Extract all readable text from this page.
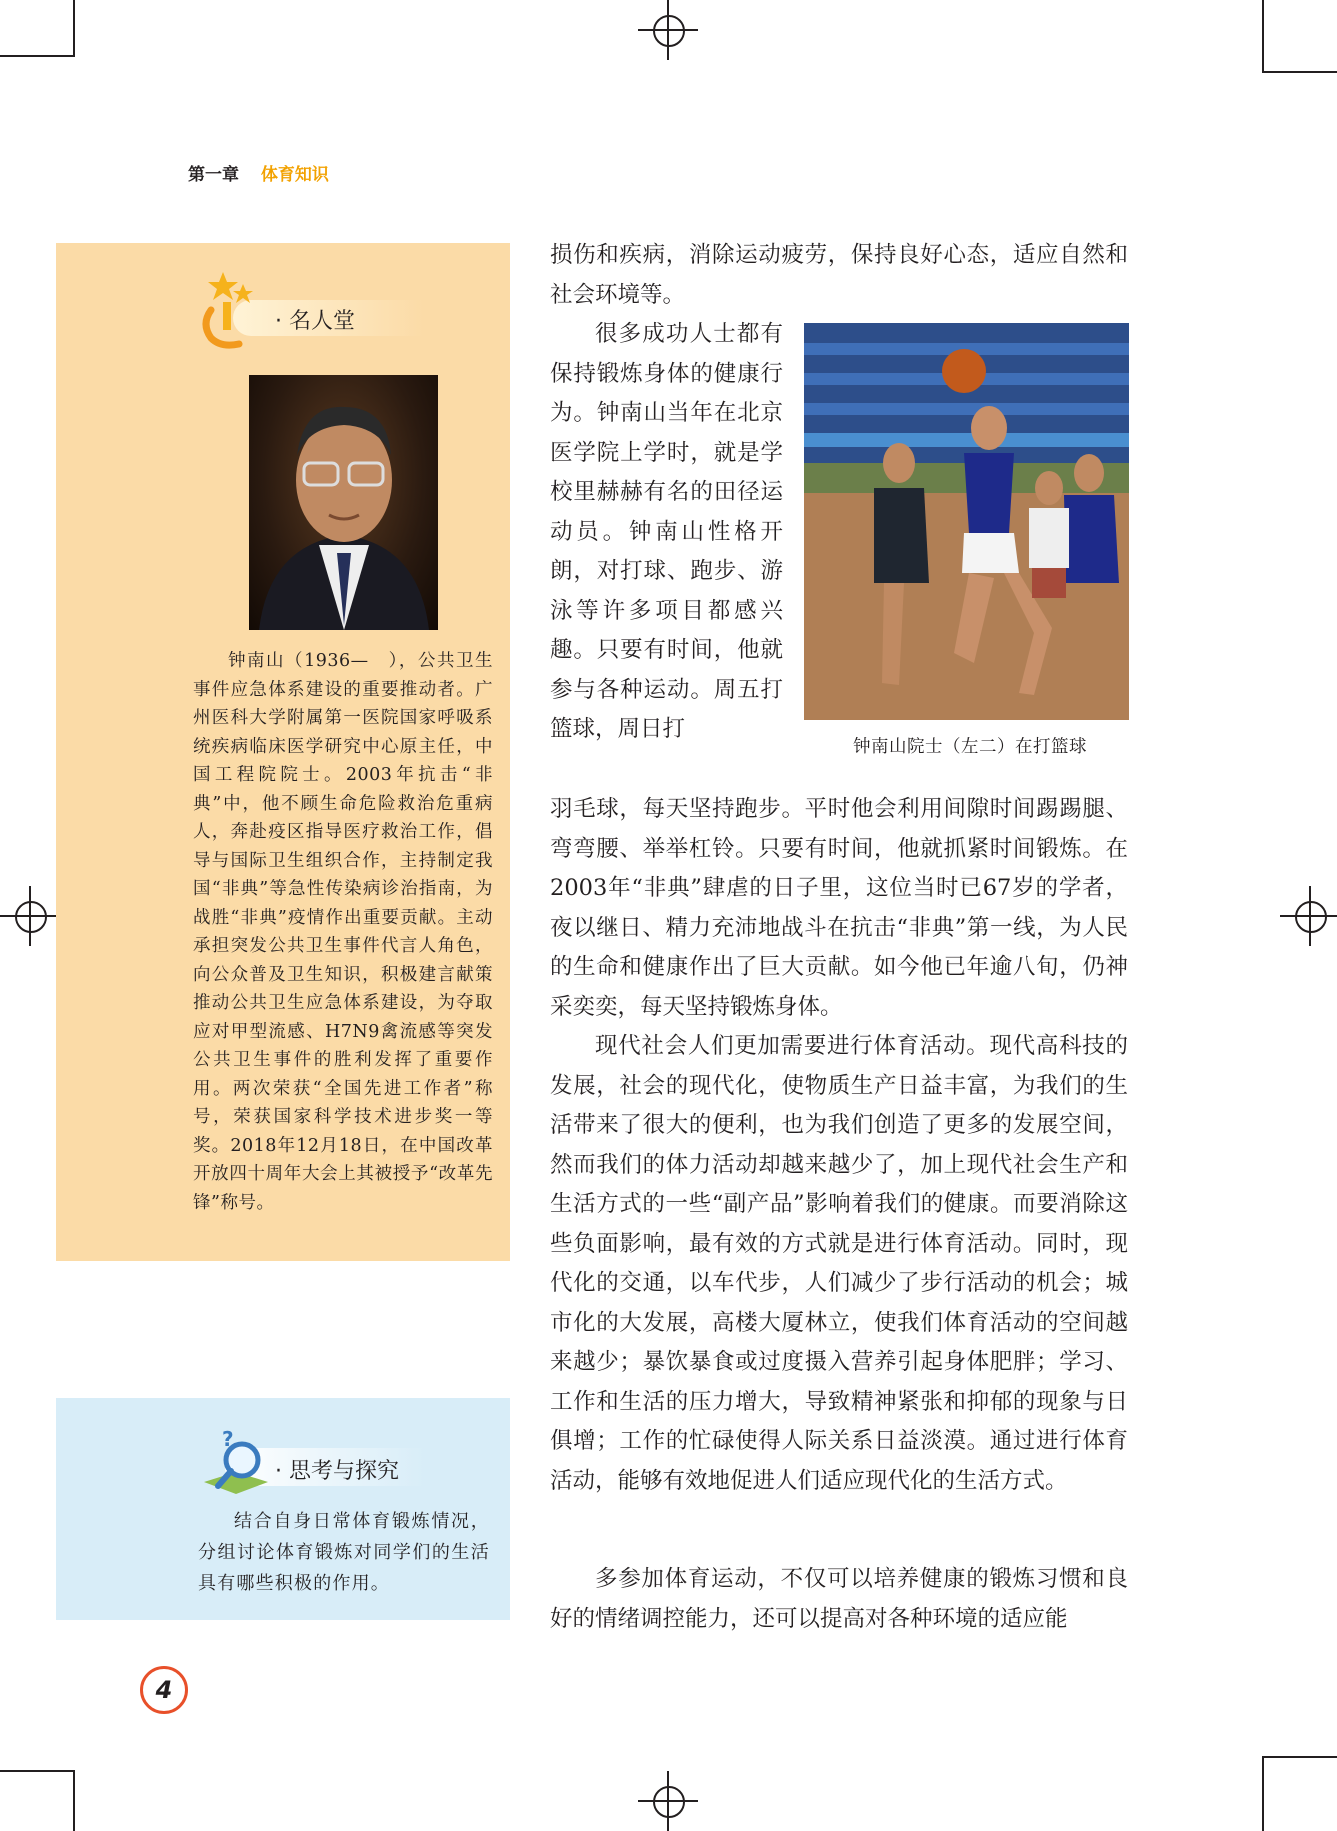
第一章 体育知识
· 名人堂

钟南山（1936—　），公共卫生事件应急体系建设的重要推动者。广州医科大学附属第一医院国家呼吸系统疾病临床医学研究中心原主任，中国工程院院士。2003年抗击“非典”中，他不顾生命危险救治危重病人，奔赴疫区指导医疗救治工作，倡导与国际卫生组织合作，主持制定我国“非典”等急性传染病诊治指南，为战胜“非典”疫情作出重要贡献。主动承担突发公共卫生事件代言人角色，向公众普及卫生知识，积极建言献策推动公共卫生应急体系建设，为夺取应对甲型流感、H7N9禽流感等突发公共卫生事件的胜利发挥了重要作用。两次荣获“全国先进工作者”称号，荣获国家科学技术进步奖一等奖。2018年12月18日，在中国改革开放四十周年大会上其被授予“改革先锋”称号。

?
· 思考与探究

结合自身日常体育锻炼情况，分组讨论体育锻炼对同学们的生活具有哪些积极的作用。

损伤和疾病，消除运动疲劳，保持良好心态，适应自然和社会环境等。

很多成功人士都有保持锻炼身体的健康行为。钟南山当年在北京医学院上学时，就是学校里赫赫有名的田径运动员。钟南山性格开朗，对打球、跑步、游泳等许多项目都感兴趣。只要有时间，他就参与各种运动。周五打篮球，周日打

羽毛球，每天坚持跑步。平时他会利用间隙时间踢踢腿、弯弯腰、举举杠铃。只要有时间，他就抓紧时间锻炼。在2003年“非典”肆虐的日子里，这位当时已67岁的学者，夜以继日、精力充沛地战斗在抗击“非典”第一线，为人民的生命和健康作出了巨大贡献。如今他已年逾八旬，仍神采奕奕，每天坚持锻炼身体。

现代社会人们更加需要进行体育活动。现代高科技的发展，社会的现代化，使物质生产日益丰富，为我们的生活带来了很大的便利，也为我们创造了更多的发展空间，然而我们的体力活动却越来越少了，加上现代社会生产和生活方式的一些“副产品”影响着我们的健康。而要消除这些负面影响，最有效的方式就是进行体育活动。同时，现代化的交通，以车代步，人们减少了步行活动的机会；城市化的大发展，高楼大厦林立，使我们体育活动的空间越来越少；暴饮暴食或过度摄入营养引起身体肥胖；学习、工作和生活的压力增大，导致精神紧张和抑郁的现象与日俱增；工作的忙碌使得人际关系日益淡漠。通过进行体育活动，能够有效地促进人们适应现代化的生活方式。

多参加体育运动，不仅可以培养健康的锻炼习惯和良好的情绪调控能力，还可以提高对各种环境的适应能

钟南山院士（左二）在打篮球
4
